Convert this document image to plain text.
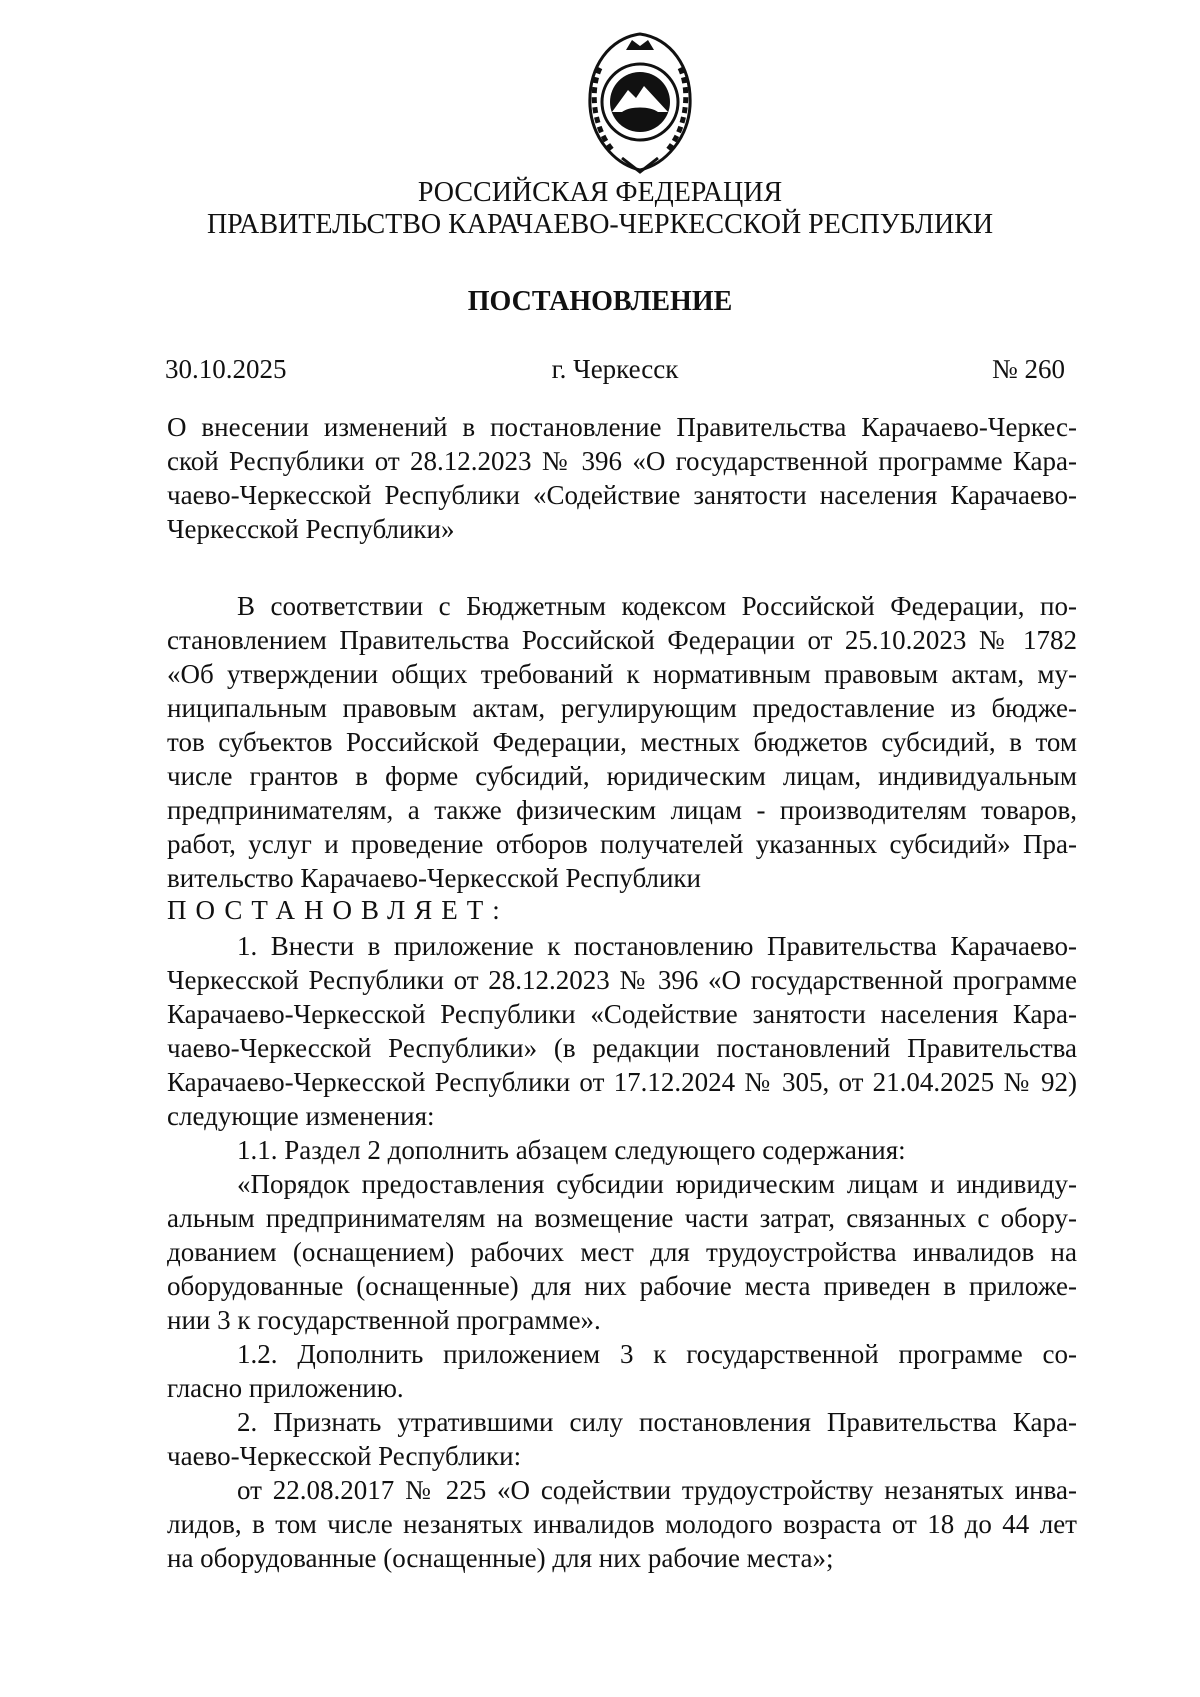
РОССИЙСКАЯ ФЕДЕРАЦИЯ
ПРАВИТЕЛЬСТВО КАРАЧАЕВО-ЧЕРКЕССКОЙ РЕСПУБЛИКИ
ПОСТАНОВЛЕНИЕ
г. Черкесск
30.10.2025	№ 260
О внесении изменений в постановление Правительства Карачаево-Черкес-
ской Республики от 28.12.2023 № 396 «О государственной программе Кара-
чаево-Черкесской Республики «Содействие занятости населения Карачаево-
Черкесской Республики»
В соответствии с Бюджетным кодексом Российской Федерации, по-
становлением Правительства Российской Федерации от 25.10.2023 № 1782
«Об утверждении общих требований к нормативным правовым актам, му-
ниципальным правовым актам, регулирующим предоставление из бюдже-
тов субъектов Российской Федерации, местных бюджетов субсидий, в том
числе грантов в форме субсидий, юридическим лицам, индивидуальным
предпринимателям, а также физическим лицам - производителям товаров,
работ, услуг и проведение отборов получателей указанных субсидий» Пра-
вительство Карачаево-Черкесской Республики
ПОСТАНОВЛЯЕТ:
1. Внести в приложение к постановлению Правительства Карачаево-
Черкесской Республики от 28.12.2023 № 396 «О государственной программе
Карачаево-Черкесской Республики «Содействие занятости населения Кара-
чаево-Черкесской Республики» (в редакции постановлений Правительства
Карачаево-Черкесской Республики от 17.12.2024 № 305, от 21.04.2025 № 92)
следующие изменения:
1.1. Раздел 2 дополнить абзацем следующего содержания:
«Порядок предоставления субсидии юридическим лицам и индивиду-
альным предпринимателям на возмещение части затрат, связанных с обору-
дованием (оснащением) рабочих мест для трудоустройства инвалидов на
оборудованные (оснащенные) для них рабочие места приведен в приложе-
нии 3 к государственной программе».
1.2. Дополнить приложением 3 к государственной программе со-
гласно приложению.
2. Признать утратившими силу постановления Правительства Кара-
чаево-Черкесской Республики:
от 22.08.2017 № 225 «О содействии трудоустройству незанятых инва-
лидов, в том числе незанятых инвалидов молодого возраста от 18 до 44 лет
на оборудованные (оснащенные) для них рабочие места»;
